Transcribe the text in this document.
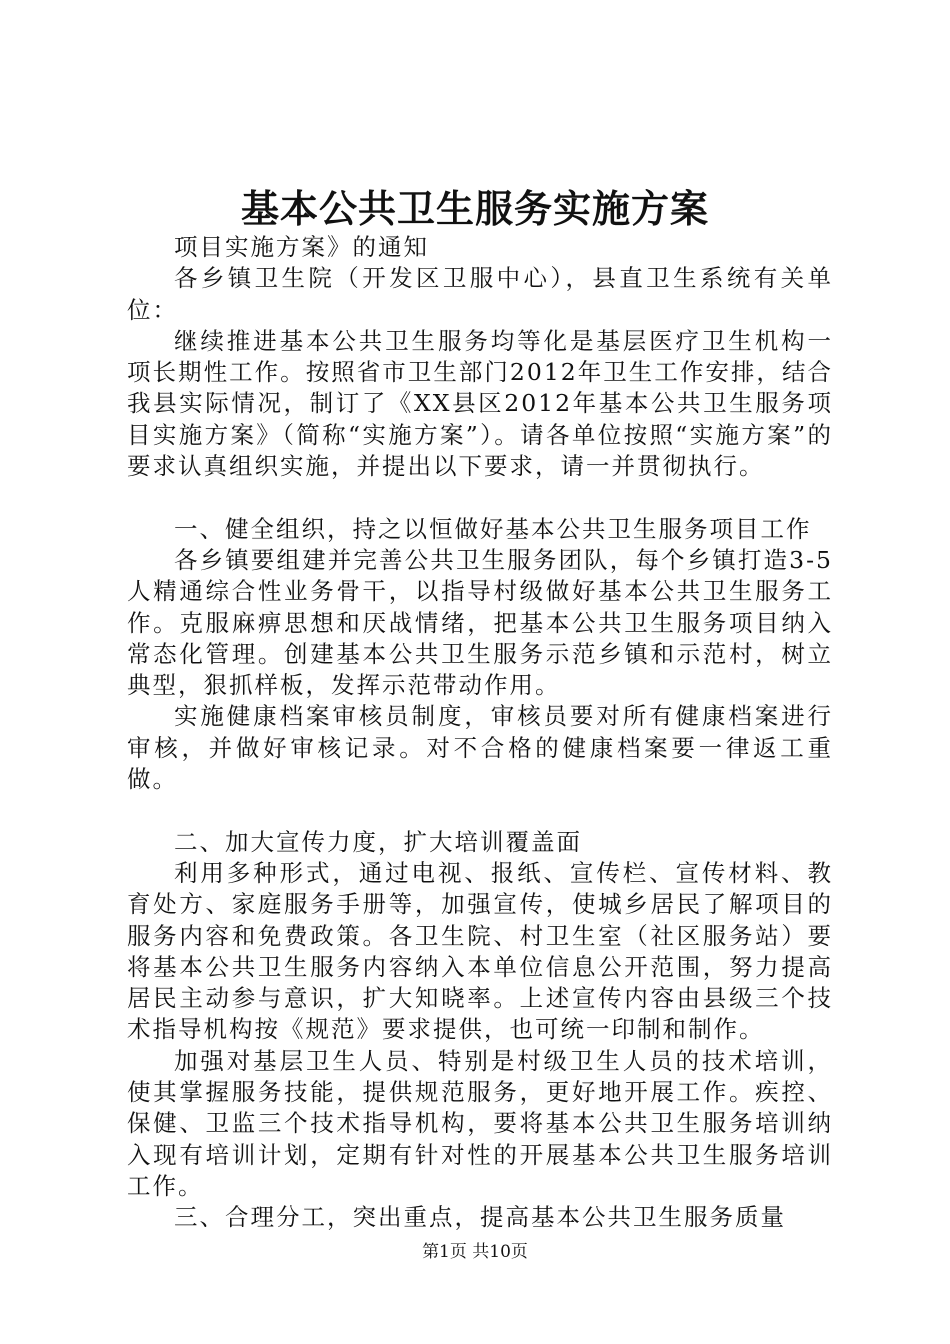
基本公共卫生服务实施方案

项目实施方案》的通知

各乡镇卫生院（开发区卫服中心），县直卫生系统有关单位：

继续推进基本公共卫生服务均等化是基层医疗卫生机构一项长期性工作。按照省市卫生部门2012年卫生工作安排，结合我县实际情况，制订了《XX县区2012年基本公共卫生服务项目实施方案》（简称“实施方案”）。请各单位按照“实施方案”的要求认真组织实施，并提出以下要求，请一并贯彻执行。

一、健全组织，持之以恒做好基本公共卫生服务项目工作

各乡镇要组建并完善公共卫生服务团队，每个乡镇打造3-5人精通综合性业务骨干，以指导村级做好基本公共卫生服务工作。克服麻痹思想和厌战情绪，把基本公共卫生服务项目纳入常态化管理。创建基本公共卫生服务示范乡镇和示范村，树立典型，狠抓样板，发挥示范带动作用。

实施健康档案审核员制度，审核员要对所有健康档案进行审核，并做好审核记录。对不合格的健康档案要一律返工重做。

二、加大宣传力度，扩大培训覆盖面

利用多种形式，通过电视、报纸、宣传栏、宣传材料、教育处方、家庭服务手册等，加强宣传，使城乡居民了解项目的服务内容和免费政策。各卫生院、村卫生室（社区服务站）要将基本公共卫生服务内容纳入本单位信息公开范围，努力提高居民主动参与意识，扩大知晓率。上述宣传内容由县级三个技术指导机构按《规范》要求提供，也可统一印制和制作。

加强对基层卫生人员、特别是村级卫生人员的技术培训，使其掌握服务技能，提供规范服务，更好地开展工作。疾控、保健、卫监三个技术指导机构，要将基本公共卫生服务培训纳入现有培训计划，定期有针对性的开展基本公共卫生服务培训工作。

三、合理分工，突出重点，提高基本公共卫生服务质量

第1页 共10页
